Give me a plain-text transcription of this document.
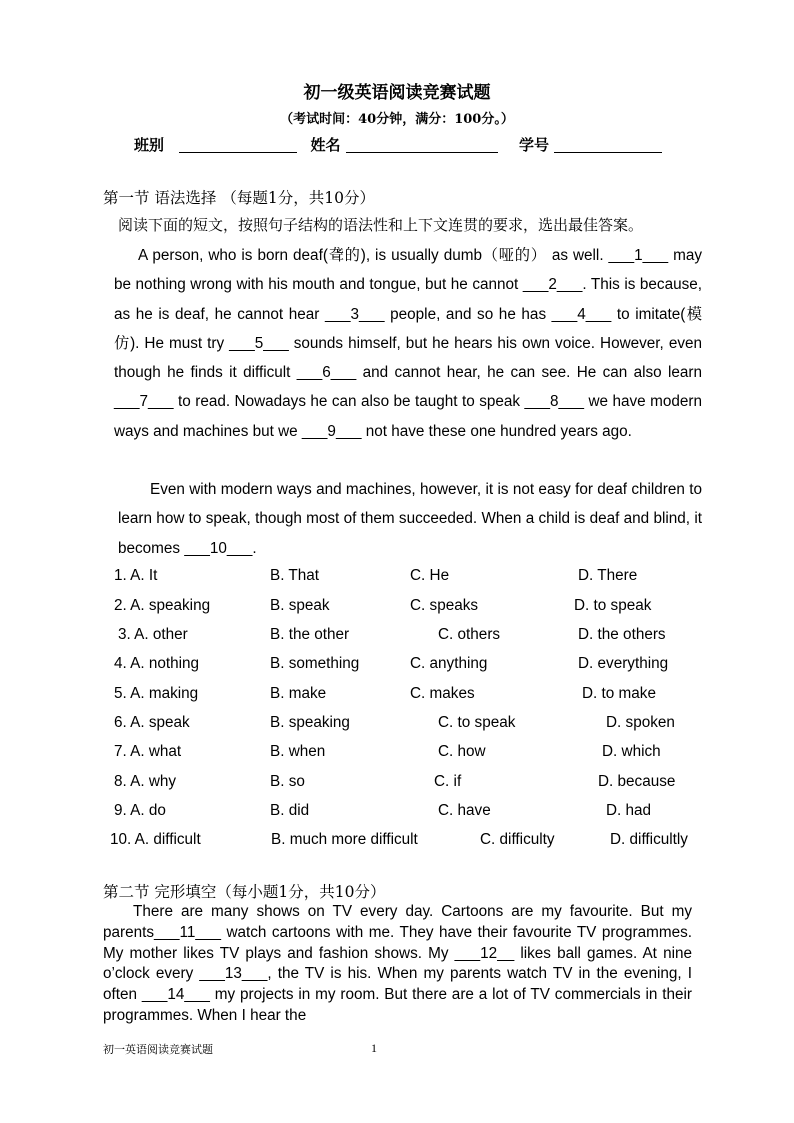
初一级英语阅读竞赛试题
（考试时间：40分钟，满分：100分。）
班别	姓名	学号
第一节 语法选择 （每题1分，共10分）
阅读下面的短文，按照句子结构的语法性和上下文连贯的要求，选出最佳答案。

A person, who is born deaf(聋的), is usually dumb（哑的） as well. ___1___ may be nothing wrong with his mouth and tongue, but he cannot ___2___. This is because, as he is deaf, he cannot hear ___3___ people, and so he has ___4___ to imitate(模仿). He must try ___5___ sounds himself, but he hears his own voice. However, even though he finds it difficult ___6___ and cannot hear, he can see. He can also learn ___7___ to read. Nowadays he can also be taught to speak ___8___ we have modern ways and machines but we ___9___ not have these one hundred years ago.

Even with modern ways and machines, however, it is not easy for deaf children to learn how to speak, though most of them succeeded. When a child is deaf and blind, it becomes ___10___.

1. A. It	B. That	C. He	D. There
2. A. speaking	B. speak	C. speaks	D. to speak
3. A. other	B. the other	C. others	D. the others
4. A. nothing	B. something	C. anything	D. everything
5. A. making	B. make	C. makes	D. to make
6. A. speak	B. speaking	C. to speak	D. spoken
7. A. what	B. when	C. how	D. which
8. A. why	B. so	C. if	D. because
9. A. do	B. did	C. have	D. had
10. A. difficult	B. much more difficult	C. difficulty	D. difficultly
第二节 完形填空（每小题1分，共10分）

There are many shows on TV every day. Cartoons are my favourite. But my parents___11___ watch cartoons with me. They have their favourite TV programmes. My mother likes TV plays and fashion shows. My ___12__ likes ball games. At nine o’clock every ___13___, the TV is his. When my parents watch TV in the evening, I often ___14___ my projects in my room. But there are a lot of TV commercials in their programmes. When I hear the

初一英语阅读竞赛试题	1
